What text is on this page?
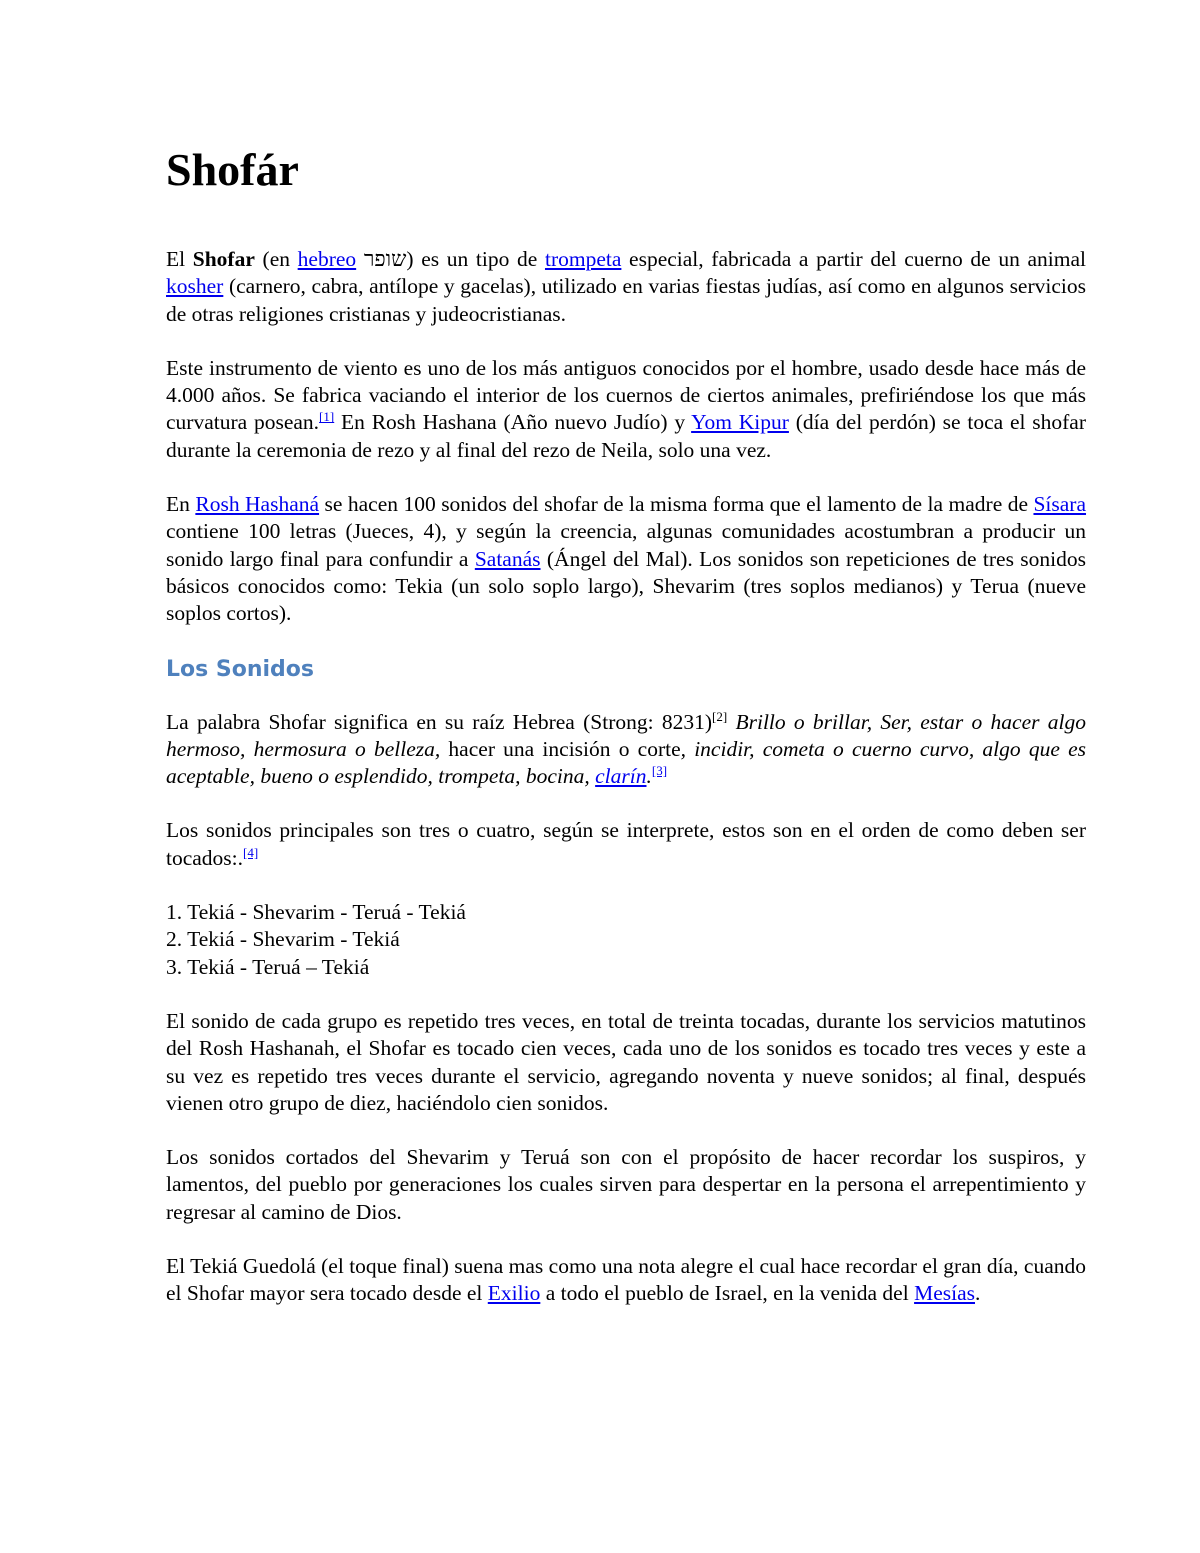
Shofár

El Shofar (en hebreo שופר) es un tipo de trompeta especial, fabricada a partir del cuerno de un animal kosher (carnero, cabra, antílope y gacelas), utilizado en varias fiestas judías, así como en algunos servicios de otras religiones cristianas y judeocristianas.

Este instrumento de viento es uno de los más antiguos conocidos por el hombre, usado desde hace más de 4.000 años. Se fabrica vaciando el interior de los cuernos de ciertos animales, prefiriéndose los que más curvatura posean.[1] En Rosh Hashana (Año nuevo Judío) y Yom Kipur (día del perdón) se toca el shofar durante la ceremonia de rezo y al final del rezo de Neila, solo una vez.

En Rosh Hashaná se hacen 100 sonidos del shofar de la misma forma que el lamento de la madre de Sísara contiene 100 letras (Jueces, 4), y según la creencia, algunas comunidades acostumbran a producir un sonido largo final para confundir a Satanás (Ángel del Mal). Los sonidos son repeticiones de tres sonidos básicos conocidos como: Tekia (un solo soplo largo), Shevarim (tres soplos medianos) y Terua (nueve soplos cortos).

Los Sonidos

La palabra Shofar significa en su raíz Hebrea (Strong: 8231)[2] Brillo o brillar, Ser, estar o hacer algo hermoso, hermosura o belleza, hacer una incisión o corte, incidir, cometa o cuerno curvo, algo que es aceptable, bueno o esplendido, trompeta, bocina, clarín.[3]

Los sonidos principales son tres o cuatro, según se interprete, estos son en el orden de como deben ser tocados:.[4]

1. Tekiá - Shevarim - Teruá - Tekiá

2. Tekiá - Shevarim - Tekiá

3. Tekiá - Teruá – Tekiá

El sonido de cada grupo es repetido tres veces, en total de treinta tocadas, durante los servicios matutinos del Rosh Hashanah, el Shofar es tocado cien veces, cada uno de los sonidos es tocado tres veces y este a su vez es repetido tres veces durante el servicio, agregando noventa y nueve sonidos; al final, después vienen otro grupo de diez, haciéndolo cien sonidos.

Los sonidos cortados del Shevarim y Teruá son con el propósito de hacer recordar los suspiros, y lamentos, del pueblo por generaciones los cuales sirven para despertar en la persona el arrepentimiento y regresar al camino de Dios.

El Tekiá Guedolá (el toque final) suena mas como una nota alegre el cual hace recordar el gran día, cuando el Shofar mayor sera tocado desde el Exilio a todo el pueblo de Israel, en la venida del Mesías.
